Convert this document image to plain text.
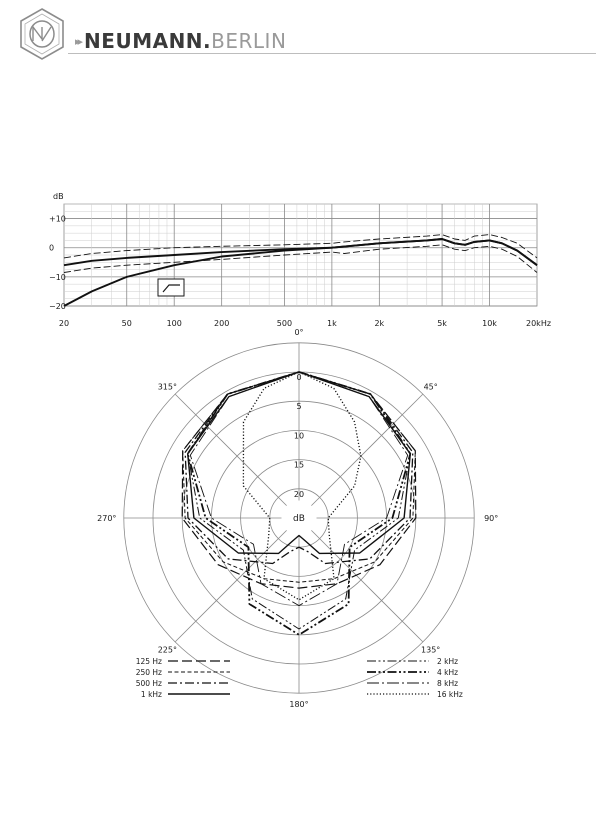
▸▸ NEUMANN.BERLIN
dB
−20
−10
0
+10
20	50	100	200	500	1k	2k	5k	10k	20kHz
0°
45°
90°
135°
180°
225°
270°
315°
0
5
10
15
20
dB
125 Hz
250 Hz
500 Hz
1 kHz
2 kHz
4 kHz
8 kHz
16 kHz
